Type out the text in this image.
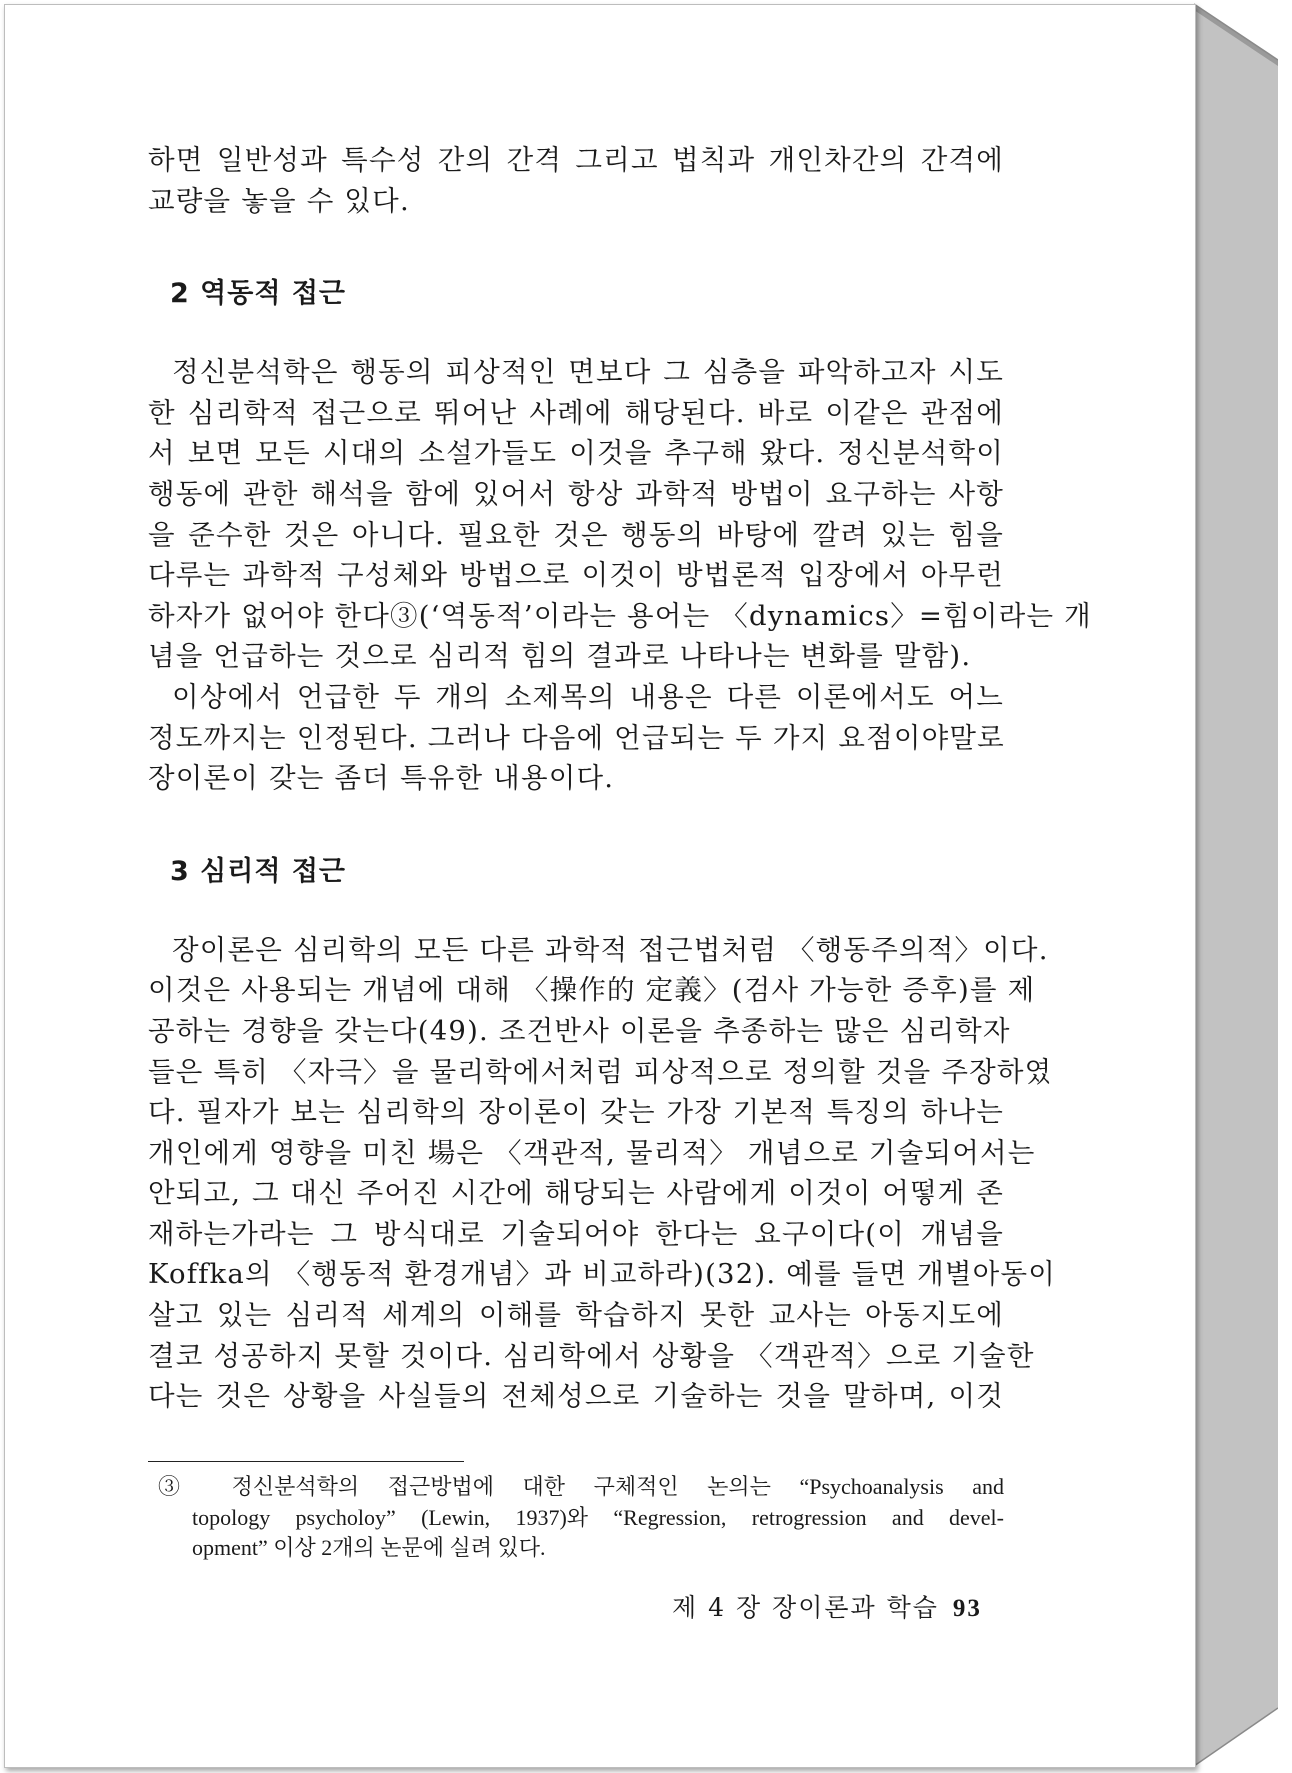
하면 일반성과 특수성 간의 간격 그리고 법칙과 개인차간의 간격에
교량을 놓을 수 있다.

2 역동적 접근

정신분석학은 행동의 피상적인 면보다 그 심층을 파악하고자 시도
한 심리학적 접근으로 뛰어난 사례에 해당된다. 바로 이같은 관점에
서 보면 모든 시대의 소설가들도 이것을 추구해 왔다. 정신분석학이
행동에 관한 해석을 함에 있어서 항상 과학적 방법이 요구하는 사항
을 준수한 것은 아니다. 필요한 것은 행동의 바탕에 깔려 있는 힘을
다루는 과학적 구성체와 방법으로 이것이 방법론적 입장에서 아무런
하자가 없어야 한다③(‘역동적’이라는 용어는 〈dynamics〉=힘이라는 개
념을 언급하는 것으로 심리적 힘의 결과로 나타나는 변화를 말함).

이상에서 언급한 두 개의 소제목의 내용은 다른 이론에서도 어느
정도까지는 인정된다. 그러나 다음에 언급되는 두 가지 요점이야말로
장이론이 갖는 좀더 특유한 내용이다.

3 심리적 접근

장이론은 심리학의 모든 다른 과학적 접근법처럼 〈행동주의적〉이다.
이것은 사용되는 개념에 대해 〈操作的 定義〉(검사 가능한 증후)를 제
공하는 경향을 갖는다(49). 조건반사 이론을 추종하는 많은 심리학자
들은 특히 〈자극〉을 물리학에서처럼 피상적으로 정의할 것을 주장하였
다. 필자가 보는 심리학의 장이론이 갖는 가장 기본적 특징의 하나는
개인에게 영향을 미친 場은 〈객관적, 물리적〉 개념으로 기술되어서는
안되고, 그 대신 주어진 시간에 해당되는 사람에게 이것이 어떻게 존
재하는가라는 그 방식대로 기술되어야 한다는 요구이다(이 개념을
Koffka의 〈행동적 환경개념〉과 비교하라)(32). 예를 들면 개별아동이
살고 있는 심리적 세계의 이해를 학습하지 못한 교사는 아동지도에
결코 성공하지 못할 것이다. 심리학에서 상황을 〈객관적〉으로 기술한
다는 것은 상황을 사실들의 전체성으로 기술하는 것을 말하며, 이것

③ 정신분석학의 접근방법에 대한 구체적인 논의는 “Psychoanalysis and
topology psycholoy” (Lewin, 1937)와 “Regression, retrogression and devel-
opment” 이상 2개의 논문에 실려 있다.
제 4 장 장이론과 학습 93
